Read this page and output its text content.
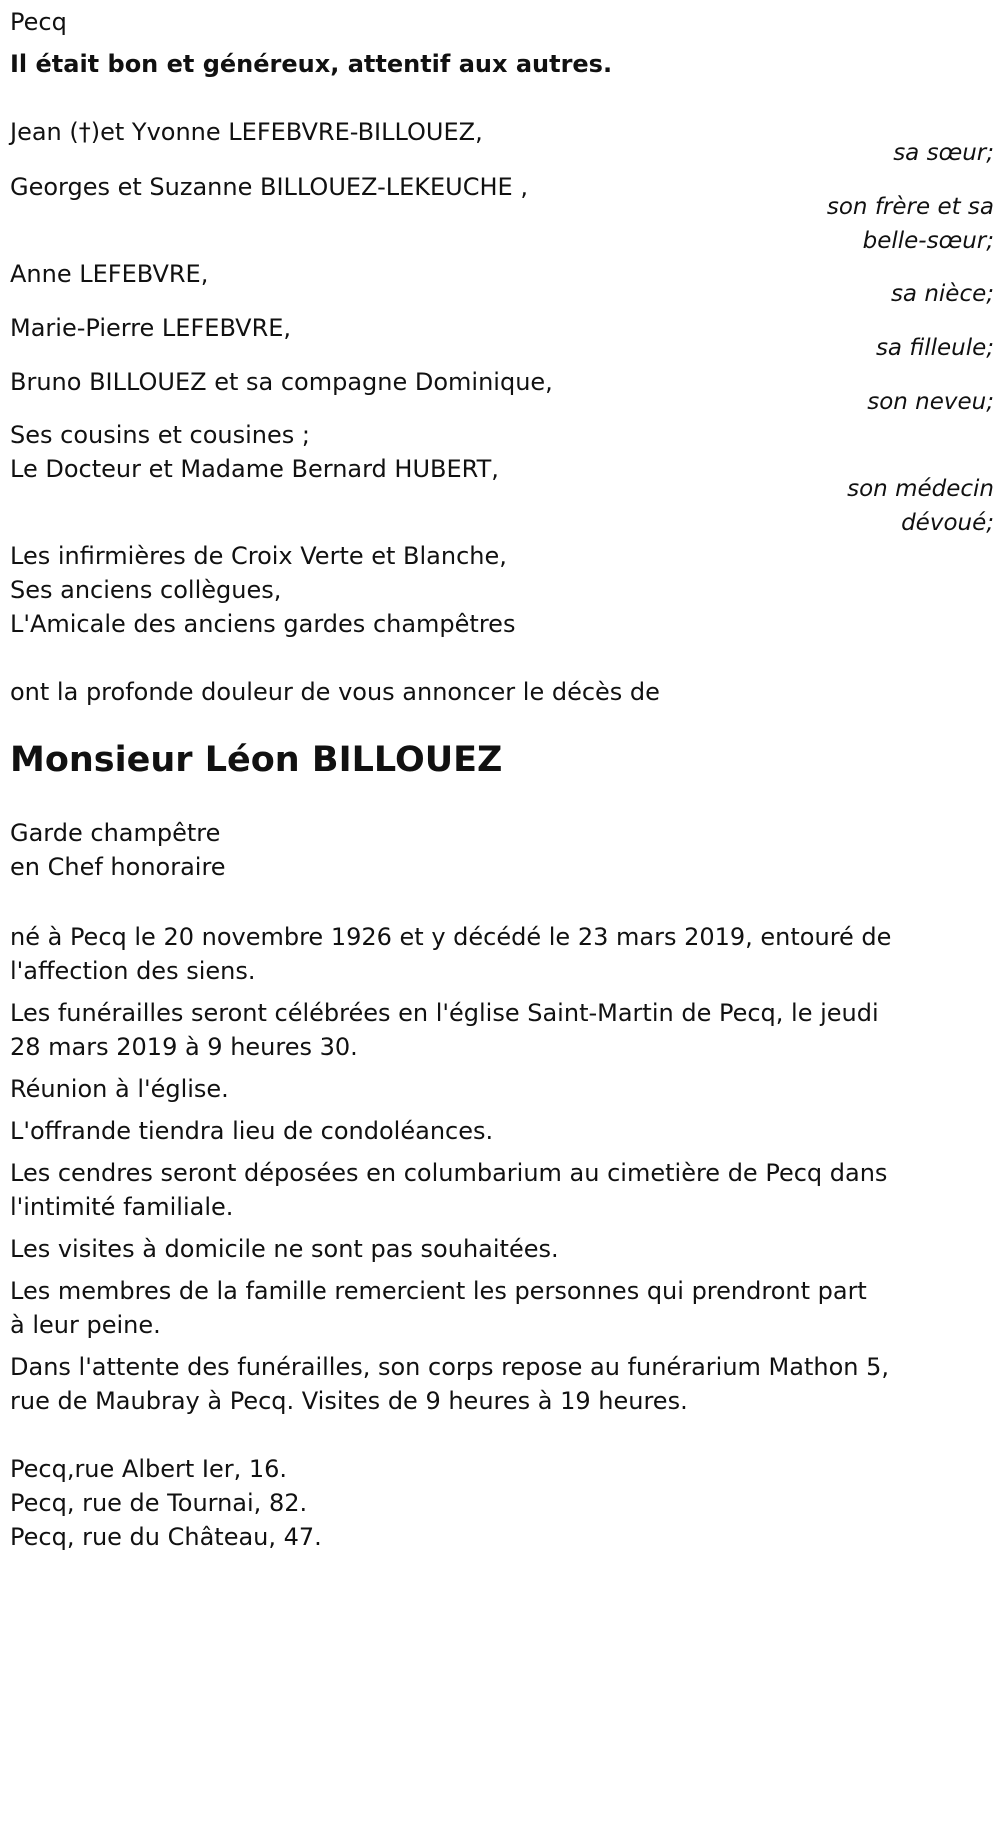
Pecq
Il était bon et généreux, attentif aux autres.
Jean (†)et Yvonne LEFEBVRE-BILLOUEZ,
sa sœur;
Georges et Suzanne BILLOUEZ-LEKEUCHE ,
son frère et sa
belle-sœur;
Anne LEFEBVRE,
sa nièce;
Marie-Pierre LEFEBVRE,
sa filleule;
Bruno BILLOUEZ et sa compagne Dominique,
son neveu;
Ses cousins et cousines ;
Le Docteur et Madame Bernard HUBERT,
son médecin
dévoué;
Les infirmières de Croix Verte et Blanche,
Ses anciens collègues,
L'Amicale des anciens gardes champêtres
ont la profonde douleur de vous annoncer le décès de
Monsieur Léon BILLOUEZ
Garde champêtre
en Chef honoraire
né à Pecq le 20 novembre 1926 et y décédé le 23 mars 2019, entouré de
l'affection des siens.
Les funérailles seront célébrées en l'église Saint-Martin de Pecq, le jeudi
28 mars 2019 à 9 heures 30.
Réunion à l'église.
L'offrande tiendra lieu de condoléances.
Les cendres seront déposées en columbarium au cimetière de Pecq dans
l'intimité familiale.
Les visites à domicile ne sont pas souhaitées.
Les membres de la famille remercient les personnes qui prendront part
à leur peine.
Dans l'attente des funérailles, son corps repose au funérarium Mathon 5,
rue de Maubray à Pecq. Visites de 9 heures à 19 heures.
Pecq,rue Albert Ier, 16.
Pecq, rue de Tournai, 82.
Pecq, rue du Château, 47.
